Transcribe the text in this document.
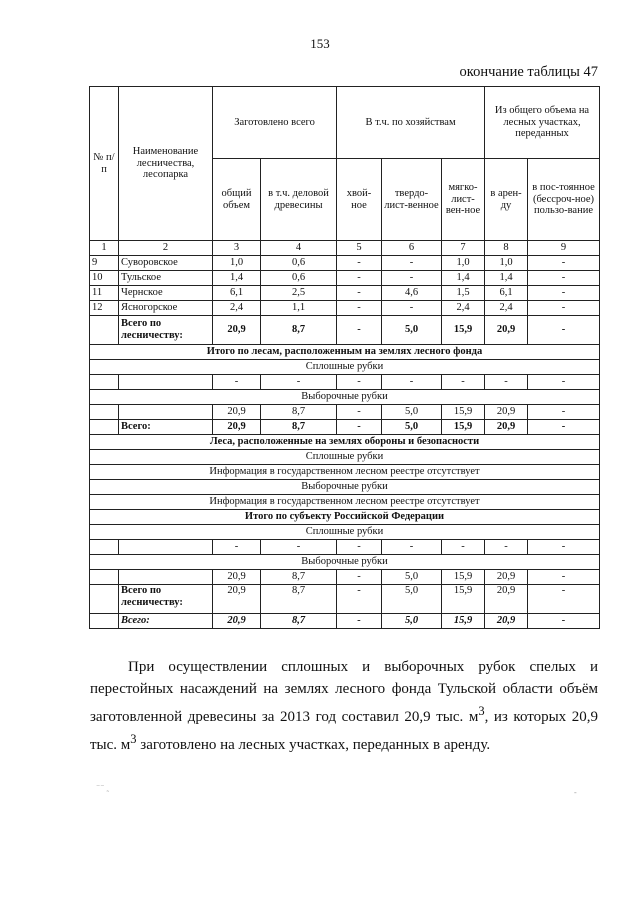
153
окончание таблицы 47
№ п/п	Наименование лесничества, лесопарка	Заготовлено всего		В т.ч. по хозяйствам			Из общего объема на лесных участках, переданных	
		общий объем	в т.ч. деловой древесины	хвой-ное	твердо-лист-венное	мягко-лист-вен-ное	в арен-ду	в пос-тоянное (бессроч-ное) пользо-вание
1	2	3	4	5	6	7	8	9
9	Суворовское	1,0	0,6	-	-	1,0	1,0	-
10	Тульское	1,4	0,6	-	-	1,4	1,4	-
11	Чернское	6,1	2,5	-	4,6	1,5	6,1	-
12	Ясногорское	2,4	1,1	-	-	2,4	2,4	-
	Всего по лесничеству:	20,9	8,7	-	5,0	15,9	20,9	-
Итого по лесам, расположенным на землях лесного фонда								
Сплошные рубки								
		-	-	-	-	-	-	-
Выборочные рубки								
		20,9	8,7	-	5,0	15,9	20,9	-
	Всего:	20,9	8,7	-	5,0	15,9	20,9	-
Леса, расположенные на землях обороны и безопасности								
Сплошные рубки								
Информация в государственном лесном реестре отсутствует								
Выборочные рубки								
Информация в государственном лесном реестре отсутствует								
Итого по субъекту Российской Федерации								
Сплошные рубки								
		-	-	-	-	-	-	-
Выборочные рубки								
		20,9	8,7	-	5,0	15,9	20,9	-
	Всего по лесничеству:	20,9	8,7	-	5,0	15,9	20,9	-
	Всего:	20,9	8,7	-	5,0	15,9	20,9	-

При осуществлении сплошных и выборочных рубок спелых и перестойных насаждений на землях лесного фонда Тульской области объём заготовленной древесины за 2013 год составил 20,9 тыс. $м^3$, из которых 20,9 тыс. $м^3$ заготовлено на лесных участках, переданных в аренду.

⁻⁻ ˷
-
